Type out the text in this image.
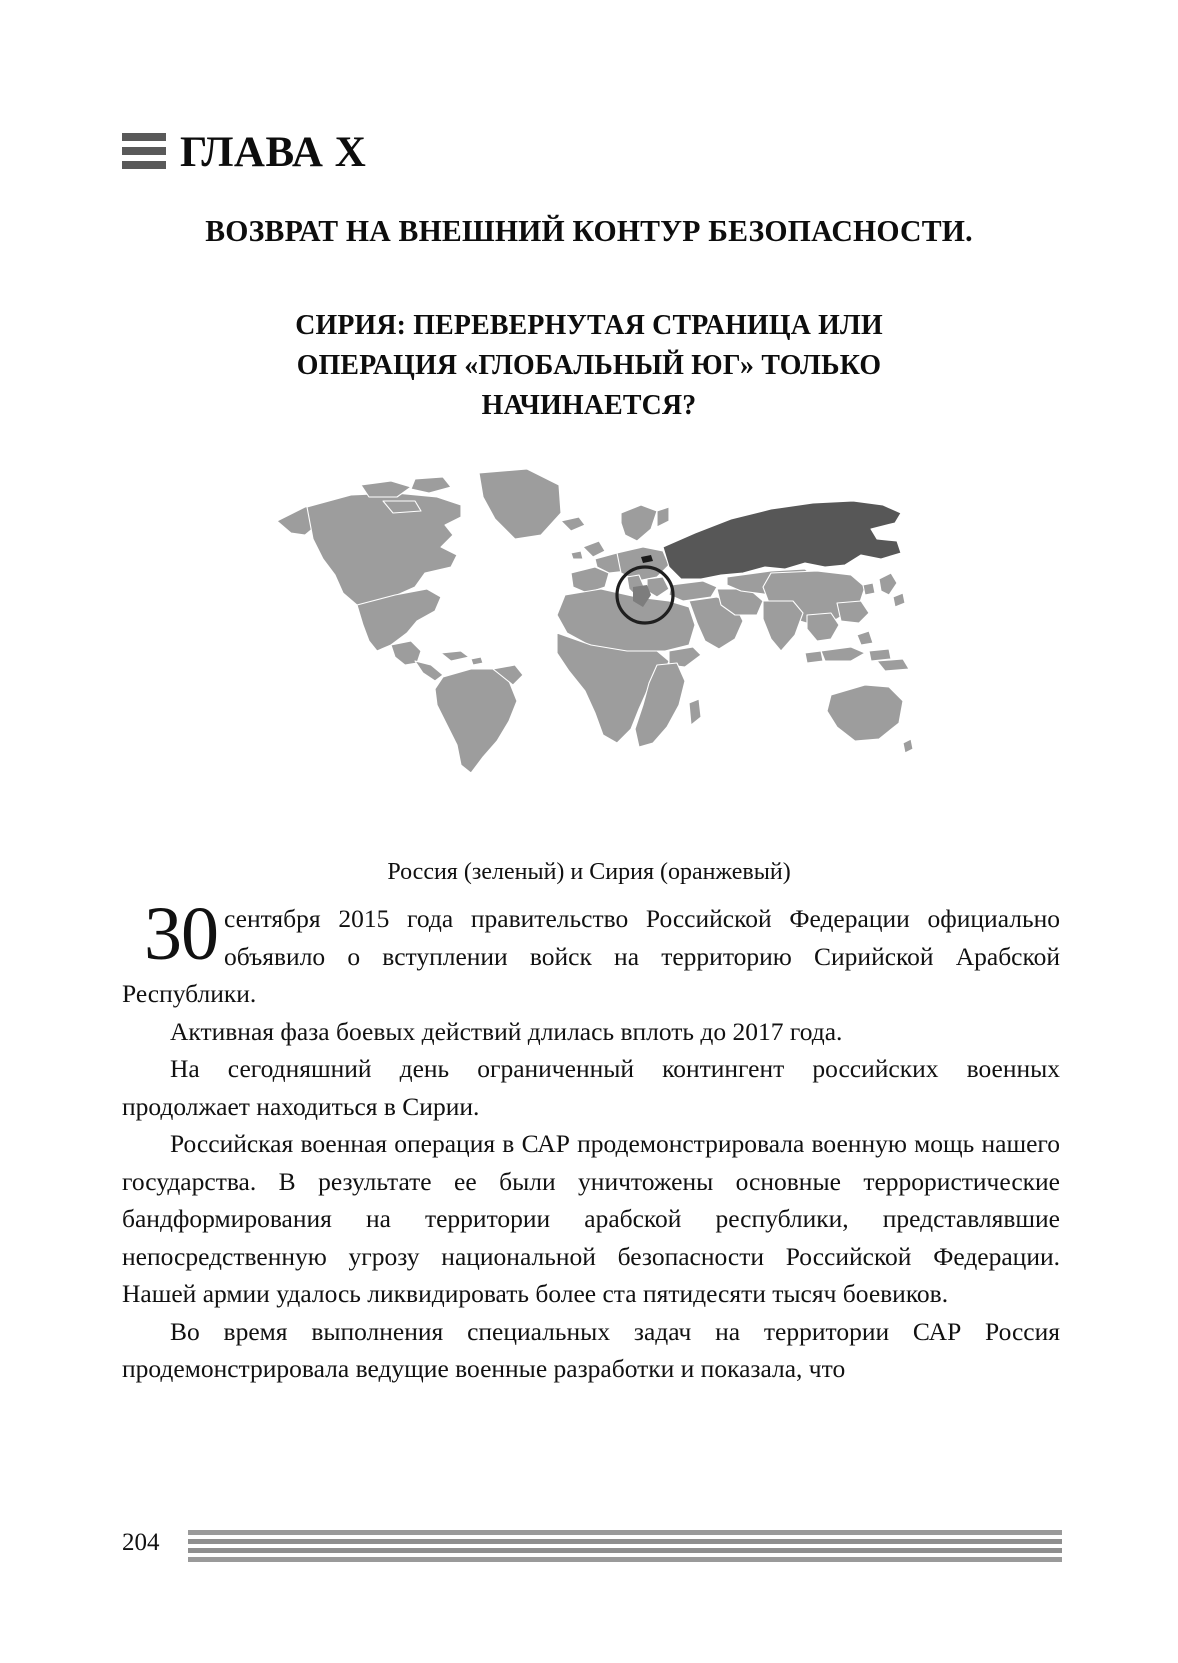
ГЛАВА X
ВОЗВРАТ НА ВНЕШНИЙ КОНТУР БЕЗОПАСНОСТИ.
СИРИЯ: ПЕРЕВЕРНУТАЯ СТРАНИЦА ИЛИ
ОПЕРАЦИЯ «ГЛОБАЛЬНЫЙ ЮГ» ТОЛЬКО
НАЧИНАЕТСЯ?
Россия (зеленый) и Сирия (оранжевый)

30 сентября 2015 года правительство Российской Федерации официально объявило о вступлении войск на территорию Сирийской Арабской Республики.

Активная фаза боевых действий длилась вплоть до 2017 года.

На сегодняшний день ограниченный контингент российских военных продолжает находиться в Сирии.

Российская военная операция в САР продемонстрировала военную мощь нашего государства. В результате ее были уничтожены основные террористические бандформирования на территории арабской республики, представлявшие непосредственную угрозу национальной безопасности Российской Федерации. Нашей армии удалось ликвидировать более ста пятидесяти тысяч боевиков.

Во время выполнения специальных задач на территории САР Россия продемонстрировала ведущие военные разработки и показала, что

204
